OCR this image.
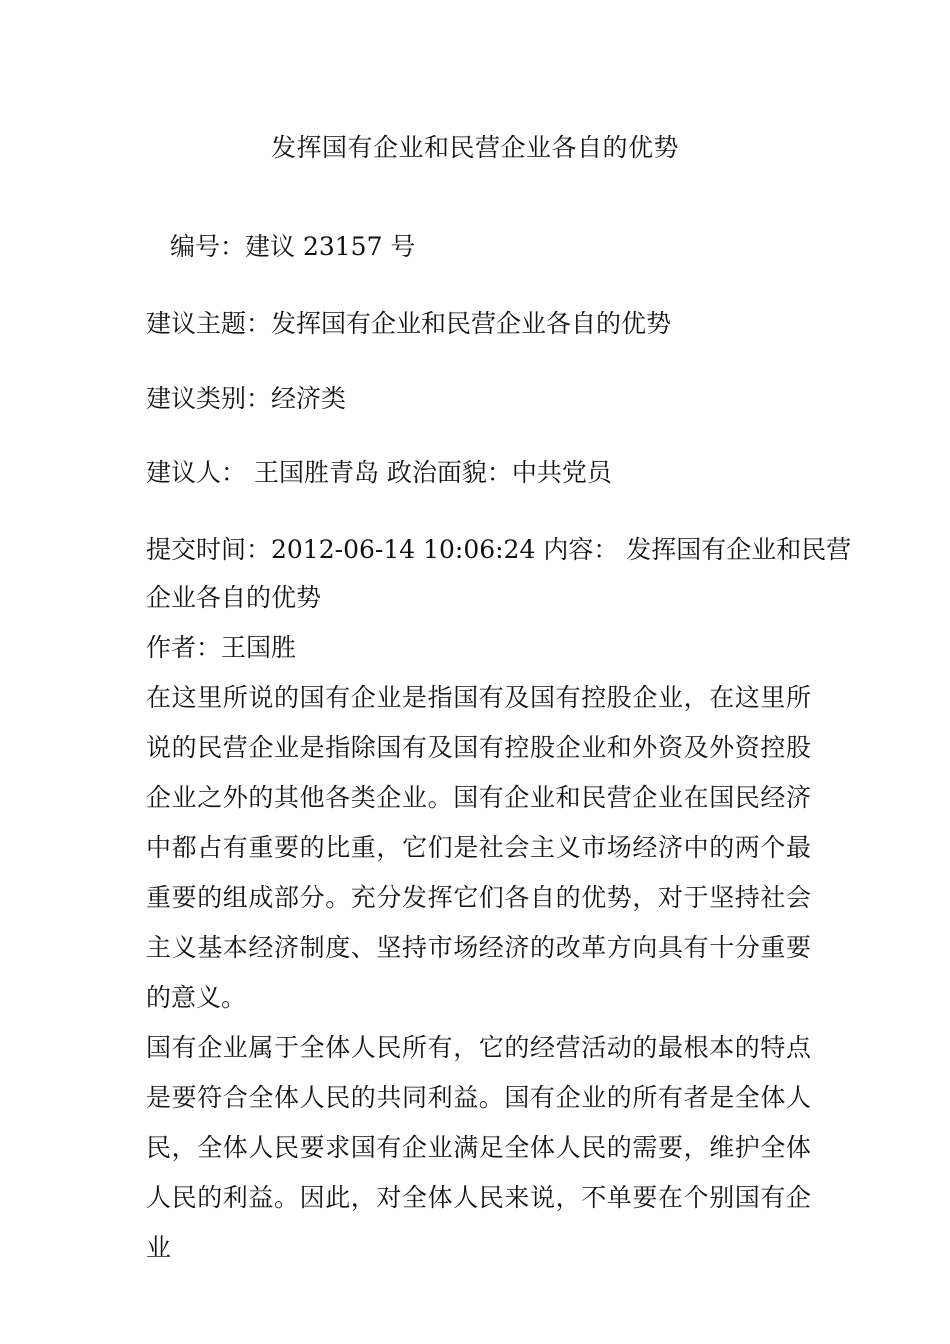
发挥国有企业和民营企业各自的优势
编号：建议 23157 号
建议主题：发挥国有企业和民营企业各自的优势
建议类别：经济类
建议人： 王国胜青岛 政治面貌：中共党员
提交时间：2012-06-14 10:06:24 内容： 发挥国有企业和民营
企业各自的优势
作者：王国胜

在这里所说的国有企业是指国有及国有控股企业，在这里所说的民营企业是指除国有及国有控股企业和外资及外资控股企业之外的其他各类企业。国有企业和民营企业在国民经济中都占有重要的比重，它们是社会主义市场经济中的两个最重要的组成部分。充分发挥它们各自的优势，对于坚持社会主义基本经济制度、坚持市场经济的改革方向具有十分重要的意义。

国有企业属于全体人民所有，它的经营活动的最根本的特点是要符合全体人民的共同利益。国有企业的所有者是全体人民，全体人民要求国有企业满足全体人民的需要，维护全体人民的利益。因此，对全体人民来说，不单要在个别国有企业
